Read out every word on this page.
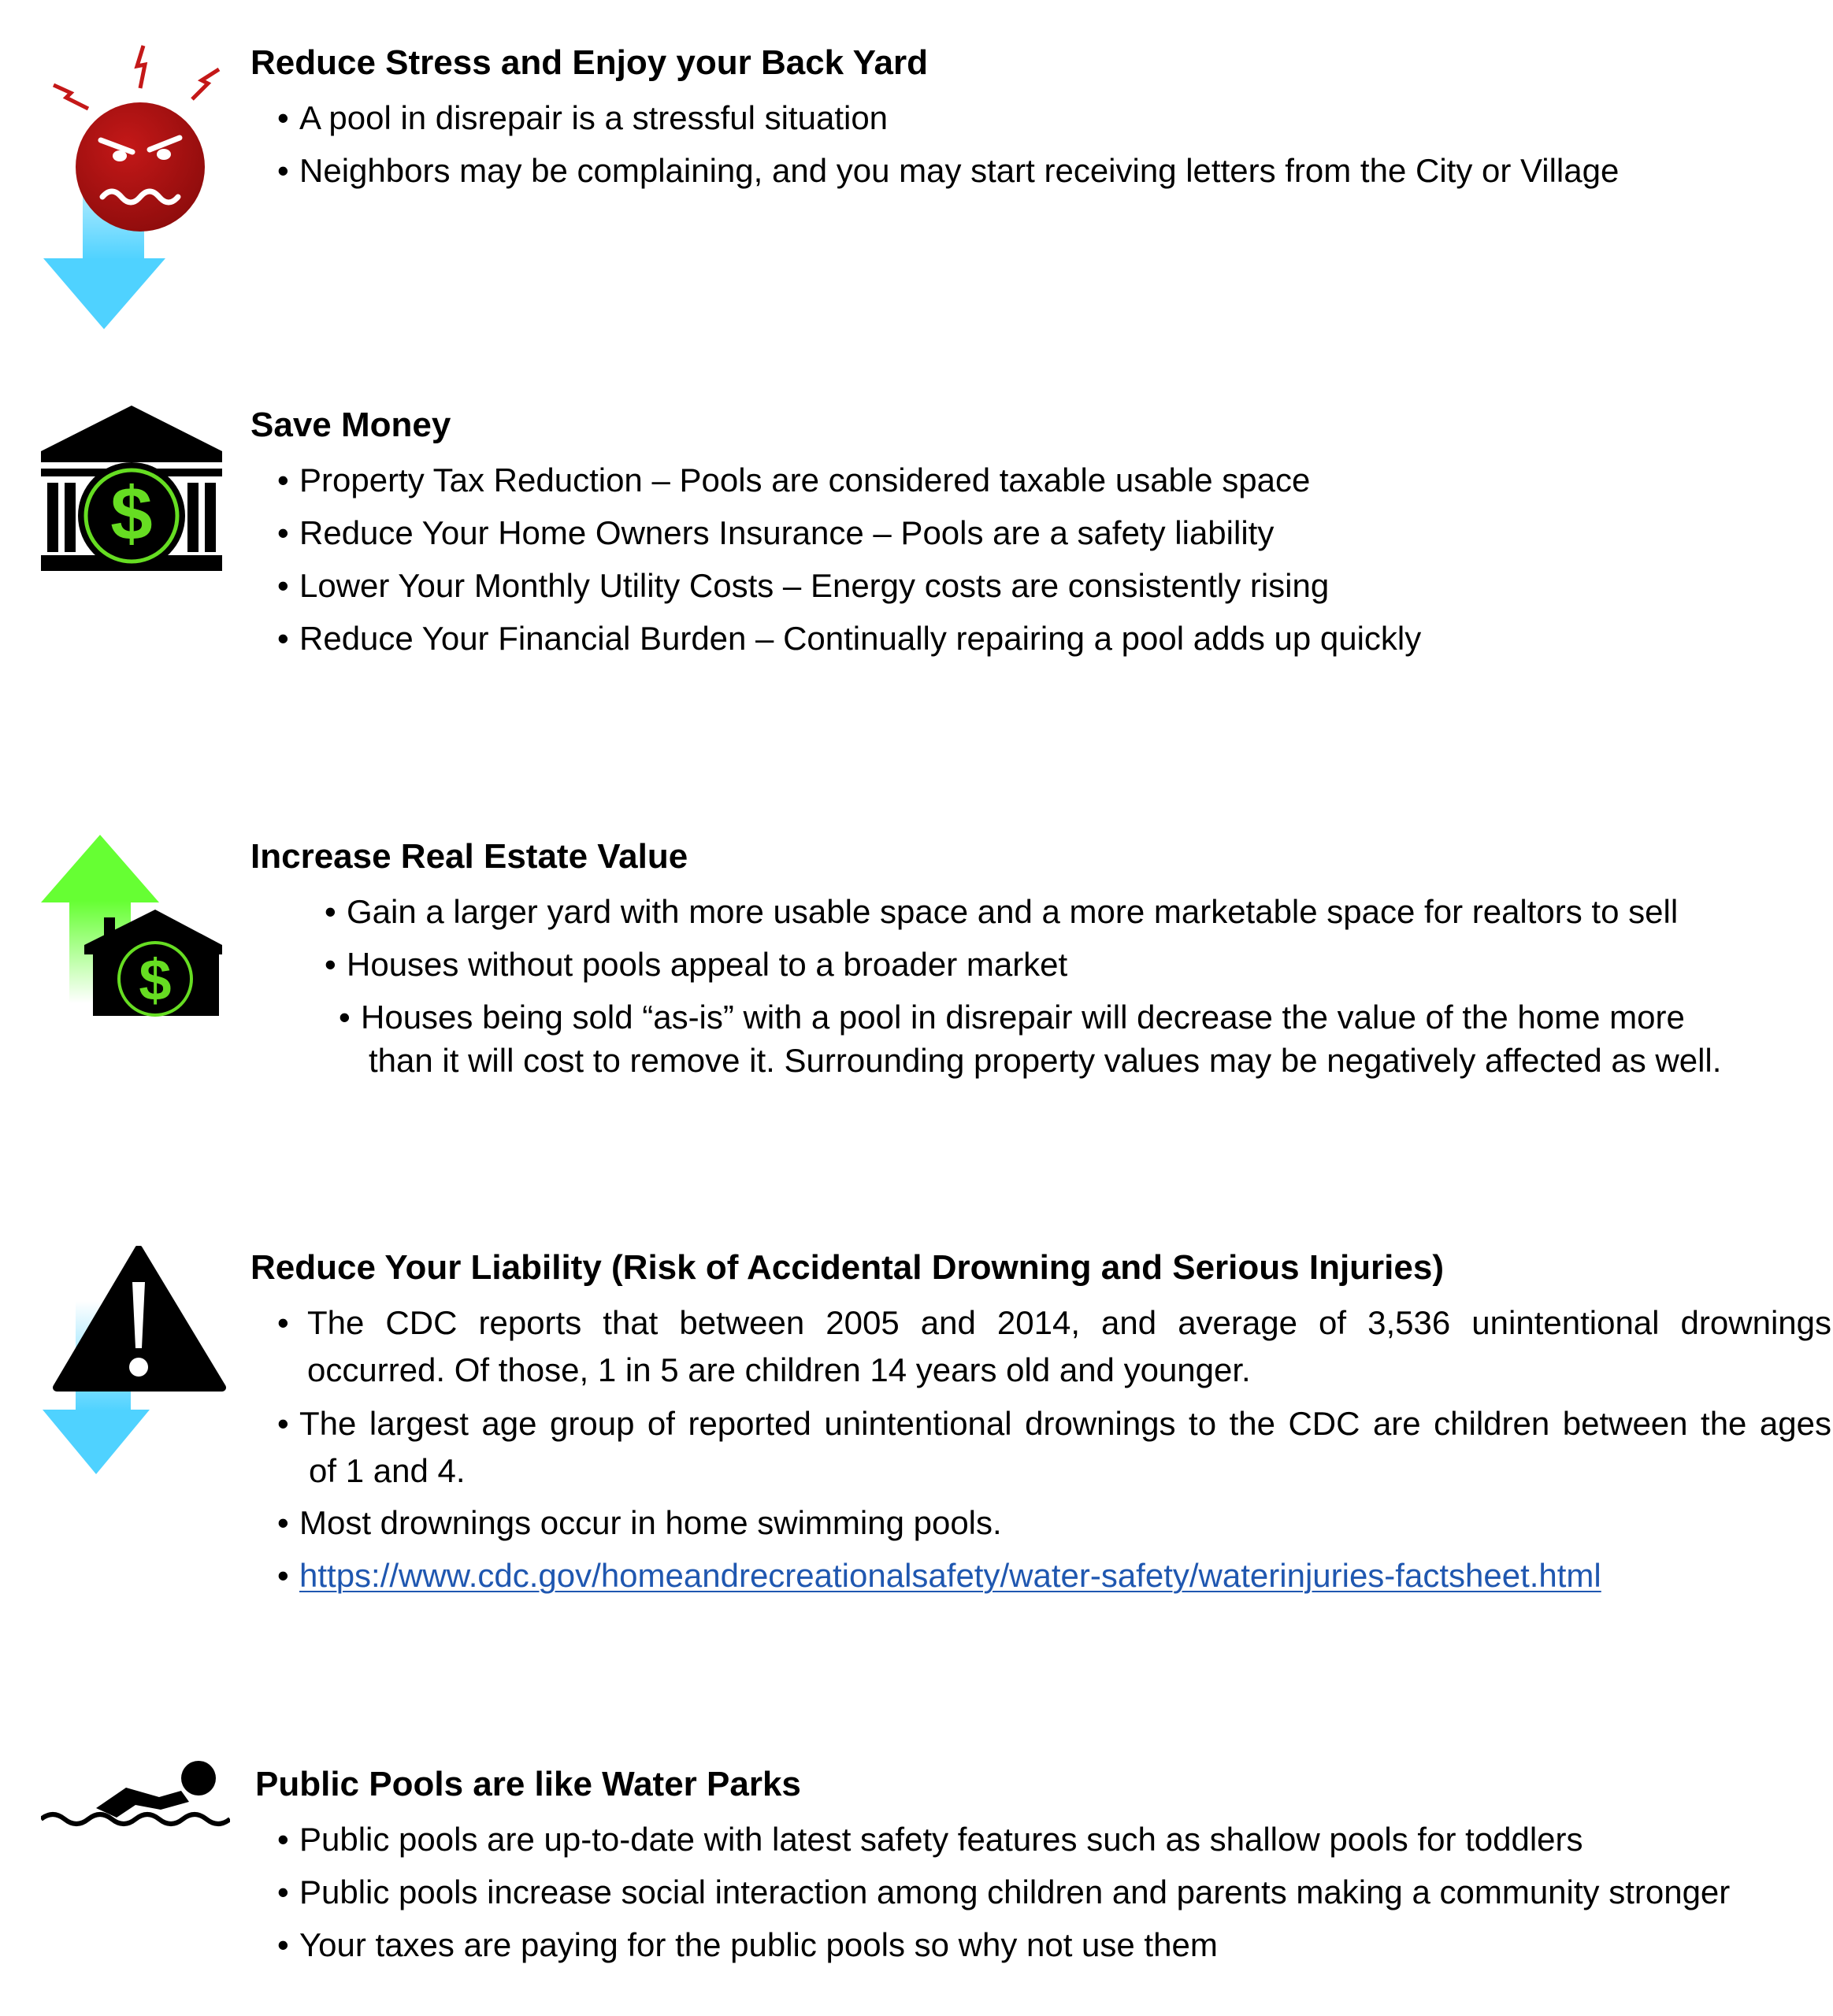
Reduce Stress and Enjoy your Back Yard
• A pool in disrepair is a stressful situation
• Neighbors may be complaining, and you may start receiving letters from the City or Village
$
Save Money
• Property Tax Reduction – Pools are considered taxable usable space
• Reduce Your Home Owners Insurance – Pools are a safety liability
• Lower Your Monthly Utility Costs – Energy costs are consistently rising
• Reduce Your Financial Burden – Continually repairing a pool adds up quickly
$
Increase Real Estate Value
• Gain a larger yard with more usable space and a more marketable space for realtors to sell
• Houses without pools appeal to a broader market
• Houses being sold “as-is” with a pool in disrepair will decrease the value of the home more
than it will cost to remove it. Surrounding property values may be negatively affected as well.
Reduce Your Liability (Risk of Accidental Drowning and Serious Injuries)
• The CDC reports that between 2005 and 2014, and average of 3,536 unintentional drownings
occurred. Of those, 1 in 5 are children 14 years old and younger.
• The largest age group of reported unintentional drownings to the CDC are children between the ages
of 1 and 4.
• Most drownings occur in home swimming pools.
• https://www.cdc.gov/homeandrecreationalsafety/water-safety/waterinjuries-factsheet.html
Public Pools are like Water Parks
• Public pools are up-to-date with latest safety features such as shallow pools for toddlers
• Public pools increase social interaction among children and parents making a community stronger
• Your taxes are paying for the public pools so why not use them
